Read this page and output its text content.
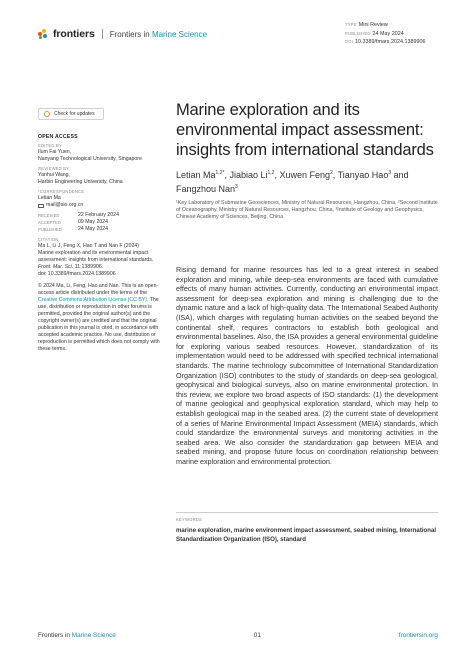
frontiers Frontiers in Marine Science
TYPE Mini Review
PUBLISHED 24 May 2024
DOI 10.3389/fmars.2024.1389906
Check for updates
OPEN ACCESS
EDITED BY
Ilum Fai Yuen,
Nanyang Technological University, Singapore
REVIEWED BY
Yanhui Wang,
Harbin Engineering University, China
*CORRESPONDENCE
Letian Ma
mail@sio.org.cn
RECEIVED	22 February 2024
ACCEPTED	09 May 2024
PUBLISHED	24 May 2024
CITATION
Ma L, Li J, Feng X, Hao T and Nan F (2024)
Marine exploration and its environmental impact
assessment: insights from international standards.
Front. Mar. Sci. 11:1389906.
doi: 10.3389/fmars.2024.1389906
© 2024 Ma, Li, Feng, Hao and Nan. This is an open-access article distributed under the terms of the Creative Commons Attribution License (CC BY). The use, distribution or reproduction in other forums is permitted, provided the original author(s) and the copyright owner(s) are credited and that the original publication in this journal is cited, in accordance with accepted academic practice. No use, distribution or reproduction is permitted which does not comply with these terms.
Marine exploration and its environmental impact assessment: insights from international standards
Letian $Ma^{1,2*}$, Jiabiao Li$^{1,2}$, Xuwen Feng$^2$, Tianyao Hao$^3$ and Fangzhou Nan$^3$
¹Key Laboratory of Submarine Geosciences, Ministry of Natural Resources, Hangzhou, China, ²Second Institute of Oceanography, Ministry of Natural Resources, Hangzhou, China, ³Institute of Geology and Geophysics, Chinese Academy of Sciences, Beijing, China
Rising demand for marine resources has led to a great interest in seabed exploration and mining, while deep-sea environments are faced with cumulative effects of many human activities. Currently, conducting an environmental impact assessment for deep-sea exploration and mining is challenging due to the dynamic nature and a lack of high-quality data. The International Seabed Authority (ISA), which charges with regulating human activities on the seabed beyond the continental shelf, requires contractors to establish both geological and environmental baselines. Also, the ISA provides a general environmental guideline for exploring various seabed resources. However, standardization of its implementation would need to be addressed with specified technical international standards. The marine technology subcommittee of International Standardization Organization (ISO) contributes to the study of standards on deep-sea geological, geophysical and biological surveys, also on marine environmental protection. In this review, we explore two broad aspects of ISO standards: (1) the development of marine geological and geophysical exploration standard, which may help to establish geological map in the seabed area. (2) the current state of development of a series of Marine Environmental Impact Assessment (MEIA) standards, which could standardize the environmental surveys and monitoring activities in the seabed area. We also consider the standardization gap between MEIA and seabed mining, and propose future focus on coordination relationship between marine exploration and environmental protection.
KEYWORDS
marine exploration, marine environment impact assessment, seabed mining, International Standardization Organization (ISO), standard
Frontiers in Marine Science	01	frontiersin.org
